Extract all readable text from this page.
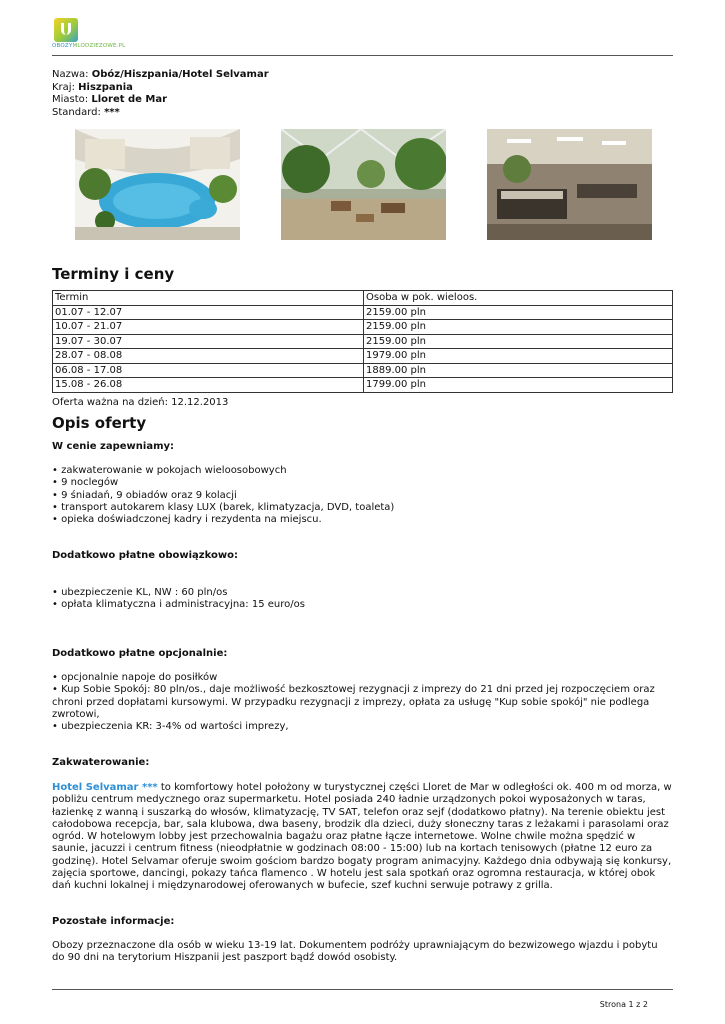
OBOZYMLODZIEZOWE.PL
Nazwa: Obóz/Hiszpania/Hotel Selvamar
Kraj: Hiszpania
Miasto: Lloret de Mar
Standard: ***
Terminy i ceny
Termin	Osoba w pok. wieloos.
01.07 - 12.07	2159.00 pln
10.07 - 21.07	2159.00 pln
19.07 - 30.07	2159.00 pln
28.07 - 08.08	1979.00 pln
06.08 - 17.08	1889.00 pln
15.08 - 26.08	1799.00 pln
Oferta ważna na dzień: 12.12.2013
Opis oferty
W cenie zapewniamy:
• zakwaterowanie w pokojach wieloosobowych
• 9 noclegów
• 9 śniadań, 9 obiadów oraz 9 kolacji
• transport autokarem klasy LUX (barek, klimatyzacja, DVD, toaleta)
• opieka doświadczonej kadry i rezydenta na miejscu.
Dodatkowo płatne obowiązkowo:
• ubezpieczenie KL, NW : 60 pln/os
• opłata klimatyczna i administracyjna: 15 euro/os
Dodatkowo płatne opcjonalnie:
• opcjonalnie napoje do posiłków
• Kup Sobie Spokój: 80 pln/os., daje możliwość bezkosztowej rezygnacji z imprezy do 21 dni przed jej rozpoczęciem oraz chroni przed dopłatami kursowymi. W przypadku rezygnacji z imprezy, opłata za usługę "Kup sobie spokój" nie podlega zwrotowi,
• ubezpieczenia KR: 3-4% od wartości imprezy,
Zakwaterowanie:
Hotel Selvamar *** to komfortowy hotel położony w turystycznej części Lloret de Mar w odległości ok. 400 m od morza, w pobliżu centrum medycznego oraz supermarketu. Hotel posiada 240 ładnie urządzonych pokoi wyposażonych w taras, łazienkę z wanną i suszarką do włosów, klimatyzację, TV SAT, telefon oraz sejf (dodatkowo płatny). Na terenie obiektu jest całodobowa recepcja, bar, sala klubowa, dwa baseny, brodzik dla dzieci, duży słoneczny taras z leżakami i parasolami oraz ogród. W hotelowym lobby jest przechowalnia bagażu oraz płatne łącze internetowe. Wolne chwile można spędzić w saunie, jacuzzi i centrum fitness (nieodpłatnie w godzinach 08:00 - 15:00) lub na kortach tenisowych (płatne 12 euro za godzinę). Hotel Selvamar oferuje swoim gościom bardzo bogaty program animacyjny. Każdego dnia odbywają się konkursy, zajęcia sportowe, dancingi, pokazy tańca flamenco . W hotelu jest sala spotkań oraz ogromna restauracja, w której obok dań kuchni lokalnej i międzynarodowej oferowanych w bufecie, szef kuchni serwuje potrawy z grilla.
Pozostałe informacje:
Obozy przeznaczone dla osób w wieku 13-19 lat. Dokumentem podróży uprawniającym do bezwizowego wjazdu i pobytu do 90 dni na terytorium Hiszpanii jest paszport bądź dowód osobisty.
Strona 1 z 2
